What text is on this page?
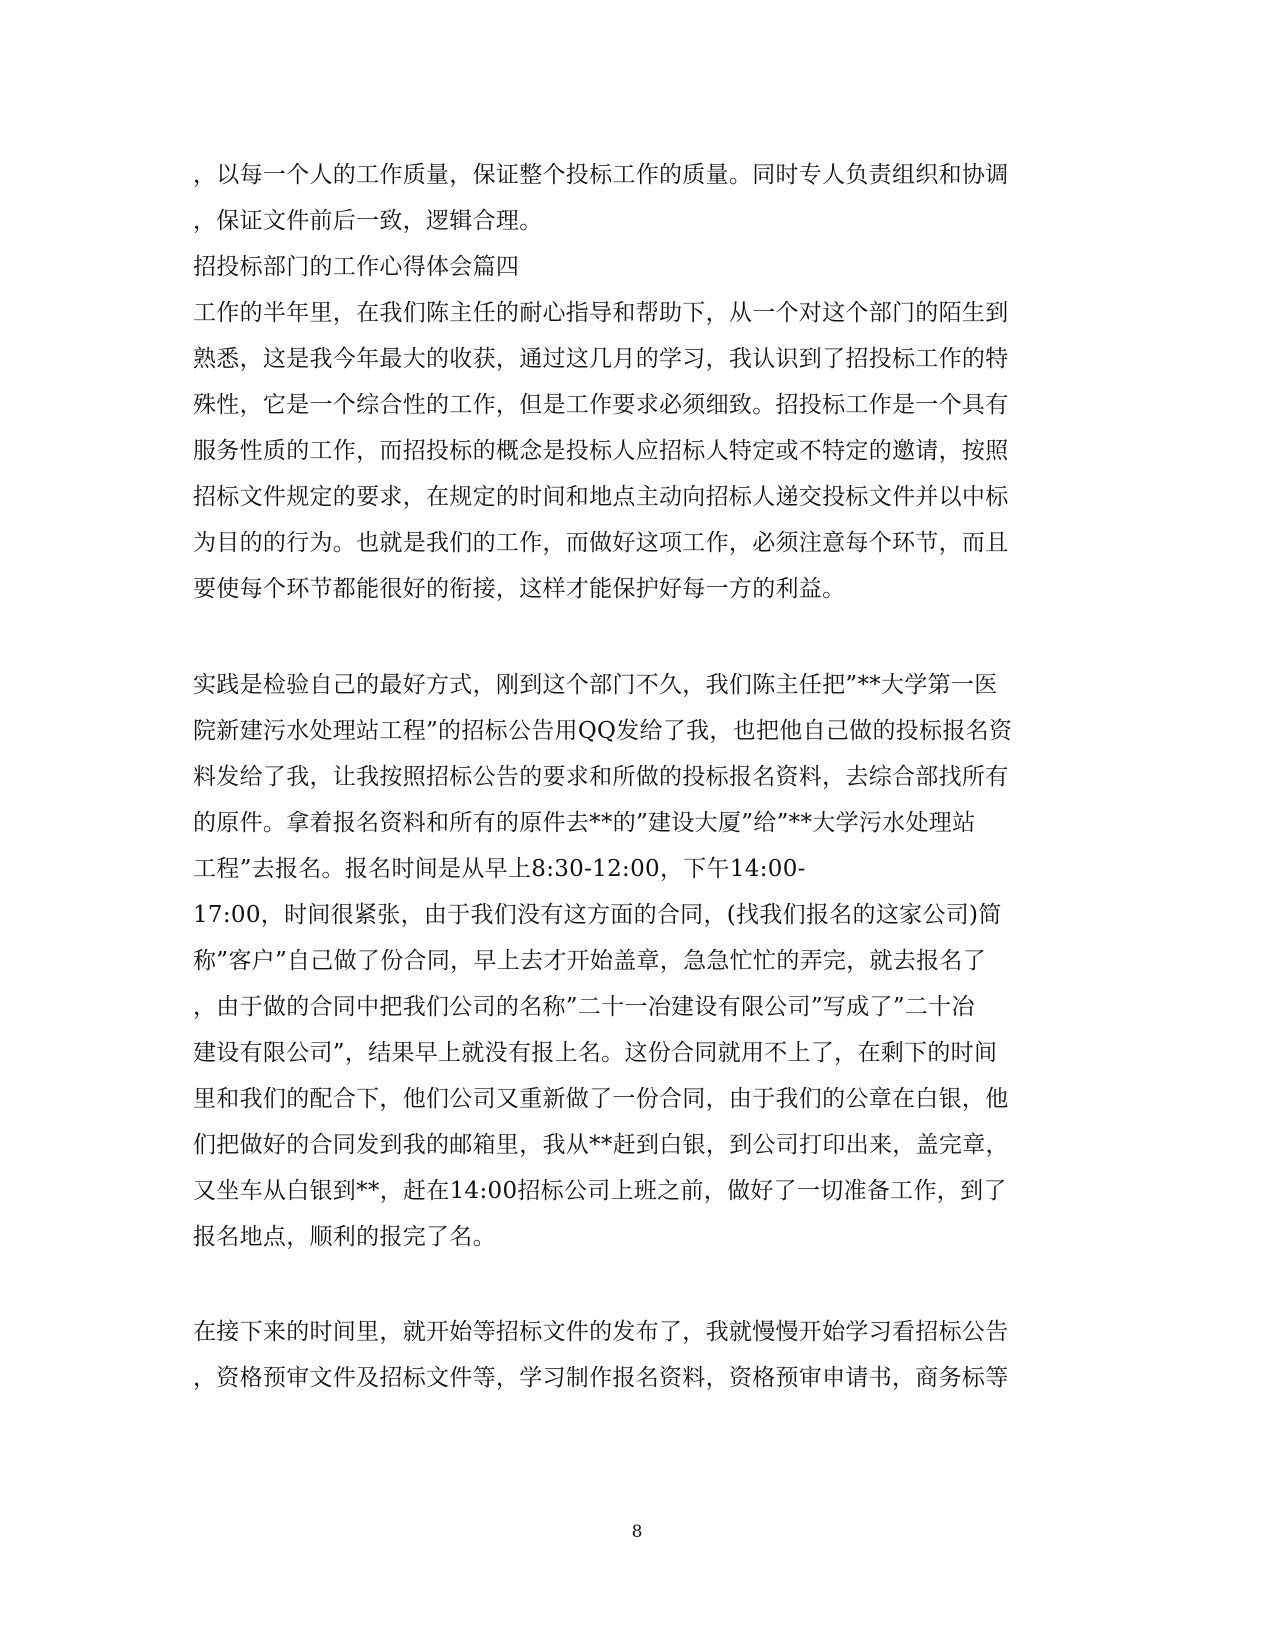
，以每一个人的工作质量，保证整个投标工作的质量。同时专人负责组织和协调
，保证文件前后一致，逻辑合理。
招投标部门的工作心得体会篇四
工作的半年里，在我们陈主任的耐心指导和帮助下，从一个对这个部门的陌生到
熟悉，这是我今年最大的收获，通过这几月的学习，我认识到了招投标工作的特
殊性，它是一个综合性的工作，但是工作要求必须细致。招投标工作是一个具有
服务性质的工作，而招投标的概念是投标人应招标人特定或不特定的邀请，按照
招标文件规定的要求，在规定的时间和地点主动向招标人递交投标文件并以中标
为目的的行为。也就是我们的工作，而做好这项工作，必须注意每个环节，而且
要使每个环节都能很好的衔接，这样才能保护好每一方的利益。
实践是检验自己的最好方式，刚到这个部门不久，我们陈主任把”**大学第一医
院新建污水处理站工程”的招标公告用QQ发给了我，也把他自己做的投标报名资
料发给了我，让我按照招标公告的要求和所做的投标报名资料，去综合部找所有
的原件。拿着报名资料和所有的原件去**的”建设大厦”给”**大学污水处理站
工程”去报名。报名时间是从早上8:30-12:00，下午14:00-
17:00，时间很紧张，由于我们没有这方面的合同，(找我们报名的这家公司)简
称”客户”自己做了份合同，早上去才开始盖章，急急忙忙的弄完，就去报名了
，由于做的合同中把我们公司的名称”二十一冶建设有限公司”写成了”二十冶
建设有限公司”，结果早上就没有报上名。这份合同就用不上了，在剩下的时间
里和我们的配合下，他们公司又重新做了一份合同，由于我们的公章在白银，他
们把做好的合同发到我的邮箱里，我从**赶到白银，到公司打印出来，盖完章，
又坐车从白银到**，赶在14:00招标公司上班之前，做好了一切准备工作，到了
报名地点，顺利的报完了名。
在接下来的时间里，就开始等招标文件的发布了，我就慢慢开始学习看招标公告
，资格预审文件及招标文件等，学习制作报名资料，资格预审申请书，商务标等
8
